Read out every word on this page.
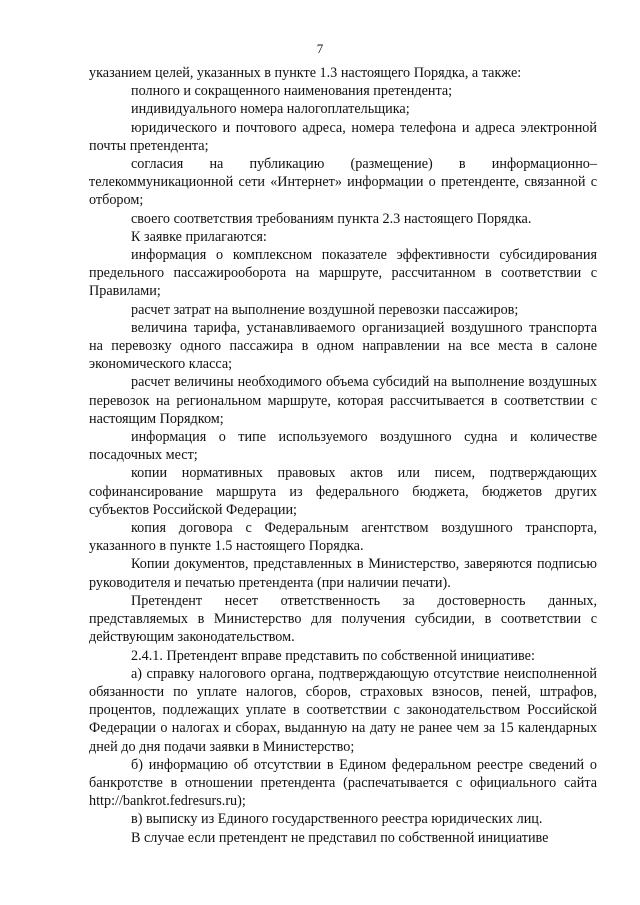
7

указанием целей, указанных в пункте 1.3 настоящего Порядка, а также:

полного и сокращенного наименования претендента;

индивидуального номера налогоплательщика;

юридического и почтового адреса, номера телефона и адреса электронной почты претендента;

согласия на публикацию (размещение) в информационно–телекоммуникационной сети «Интернет» информации о претенденте, связанной с отбором;

своего соответствия требованиям пункта 2.3 настоящего Порядка.

К заявке прилагаются:

информация о комплексном показателе эффективности субсидирования предельного пассажирооборота на маршруте, рассчитанном в соответствии с Правилами;

расчет затрат на выполнение воздушной перевозки пассажиров;

величина тарифа, устанавливаемого организацией воздушного транспорта на перевозку одного пассажира в одном направлении на все места в салоне экономического класса;

расчет величины необходимого объема субсидий на выполнение воздушных перевозок на региональном маршруте, которая рассчитывается в соответствии с настоящим Порядком;

информация о типе используемого воздушного судна и количестве посадочных мест;

копии нормативных правовых актов или писем, подтверждающих софинансирование маршрута из федерального бюджета, бюджетов других субъектов Российской Федерации;

копия договора с Федеральным агентством воздушного транспорта, указанного в пункте 1.5 настоящего Порядка.

Копии документов, представленных в Министерство, заверяются подписью руководителя и печатью претендента (при наличии печати).

Претендент несет ответственность за достоверность данных, представляемых в Министерство для получения субсидии, в соответствии с действующим законодательством.

2.4.1. Претендент вправе представить по собственной инициативе:

а) справку налогового органа, подтверждающую отсутствие неисполненной обязанности по уплате налогов, сборов, страховых взносов, пеней, штрафов, процентов, подлежащих уплате в соответствии с законодательством Российской Федерации о налогах и сборах, выданную на дату не ранее чем за 15 календарных дней до дня подачи заявки в Министерство;

б) информацию об отсутствии в Едином федеральном реестре сведений о банкротстве в отношении претендента (распечатывается с официального сайта http://bankrot.fedresurs.ru);

в) выписку из Единого государственного реестра юридических лиц.

В случае если претендент не представил по собственной инициативе
